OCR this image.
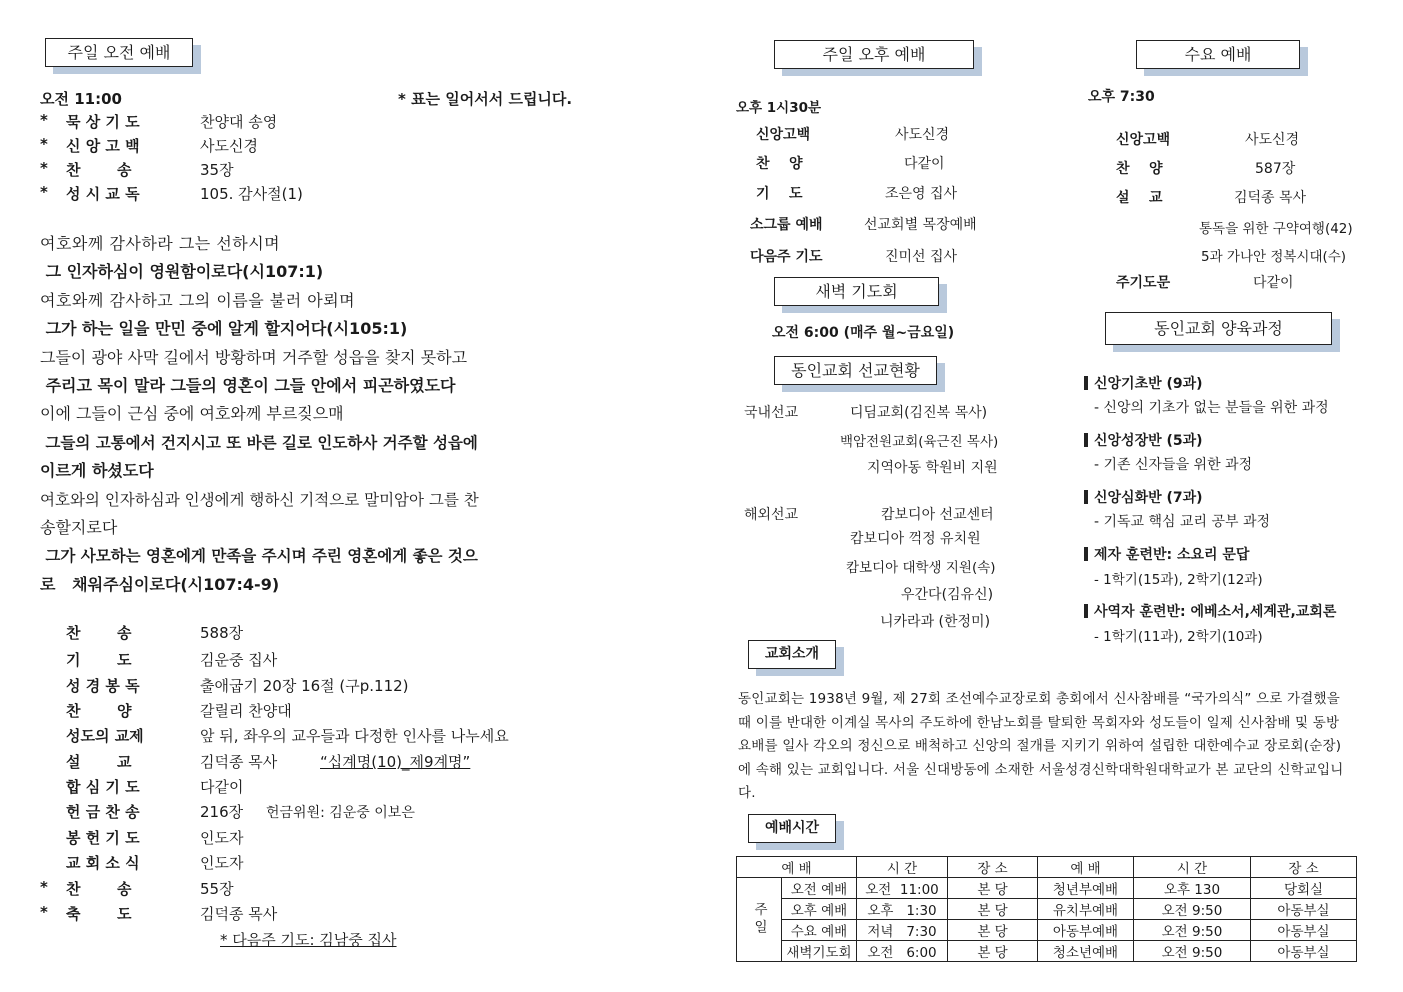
주일 오전 예배
오전 11:00	* 표는 일어서서 드립니다.
* 묵 상 기 도	찬양대 송영
* 신 앙 고 백	사도신경
* 찬       송	35장
* 성 시 교 독	105. 감사절(1)
여호와께 감사하라 그는 선하시며
그 인자하심이 영원함이로다(시107:1)
여호와께 감사하고 그의 이름을 불러 아뢰며
그가 하는 일을 만민 중에 알게 할지어다(시105:1)
그들이 광야 사막 길에서 방황하며 거주할 성읍을 찾지 못하고
주리고 목이 말라 그들의 영혼이 그들 안에서 피곤하였도다
이에 그들이 근심 중에 여호와께 부르짖으매
그들의 고통에서 건지시고 또 바른 길로 인도하사 거주할 성읍에
이르게 하셨도다
여호와의 인자하심과 인생에게 행하신 기적으로 말미암아 그를 찬
송할지로다
그가 사모하는 영혼에게 만족을 주시며 주린 영혼에게 좋은 것으
로   채워주심이로다(시107:4-9)
찬       송	588장
기       도	김운중 집사
성 경 봉 독	출애굽기 20장 16절 (구p.112)
찬       양	갈릴리 찬양대
성도의 교제	앞 뒤, 좌우의 교우들과 다정한 인사를 나누세요
설       교	김덕종 목사	“십계명(10)_제9계명”
합 심 기 도	다같이
헌 금 찬 송	216장 헌금위원: 김운중 이보은
봉 헌 기 도	인도자
교 회 소 식	인도자
* 찬       송	55장
* 축       도	김덕종 목사
* 다음주 기도: 김남중 집사
주일 오후 예배
오후 1시30분
신앙고백	사도신경
찬    양	다같이
기    도	조은영 집사
소그룹 예배	선교회별 목장예배
다음주 기도	진미선 집사
새벽 기도회
오전 6:00 (매주 월~금요일)
동인교회 선교현황
국내선교	디딤교회(김진복 목사)
백암전원교회(육근진 목사)
지역아동 학원비 지원
해외선교	캄보디아 선교센터
캄보디아 꺽정 유치원
캄보디아 대학생 지원(속)
우간다(김유신)
니카라과 (한정미)
교회소개
동인교회는 1938년 9월, 제 27회 조선예수교장로회 총회에서 신사참배를 “국가의식” 으로 가결했을 때 이를 반대한 이계실 목사의 주도하에 한남노회를 탈퇴한 목회자와 성도들이 일제 신사참배 및 동방요배를 일사 각오의 정신으로 배척하고 신앙의 절개를 지키기 위하여 설립한 대한예수교 장로회(순장)에 속해 있는 교회입니다. 서울 신대방동에 소재한 서울성경신학대학원대학교가 본 교단의 신학교입니다.
예배시간
예 배		시 간	장 소	예 배	시 간	장 소
주일	오전 예배	오전  11:00	본 당	청년부예배	오후 130	당회실
	오후 예배	오후   1:30	본 당	유치부예배	오전 9:50	아동부실
	수요 예배	저녁   7:30	본 당	아동부예배	오전 9:50	아동부실
	새벽기도회	오전   6:00	본 당	청소년예배	오전 9:50	아동부실
수요 예배
오후 7:30
신앙고백	사도신경
찬    양	587장
설    교	김덕종 목사
통독을 위한 구약여행(42)
5과 가나안 정복시대(수)
주기도문	다같이
동인교회 양육과정
신앙기초반 (9과)
- 신앙의 기초가 없는 분들을 위한 과정
신앙성장반 (5과)
- 기존 신자들을 위한 과정
신앙심화반 (7과)
- 기독교 핵심 교리 공부 과정
제자 훈련반: 소요리 문답
- 1학기(15과), 2학기(12과)
사역자 훈련반: 에베소서,세계관,교회론
- 1학기(11과), 2학기(10과)
